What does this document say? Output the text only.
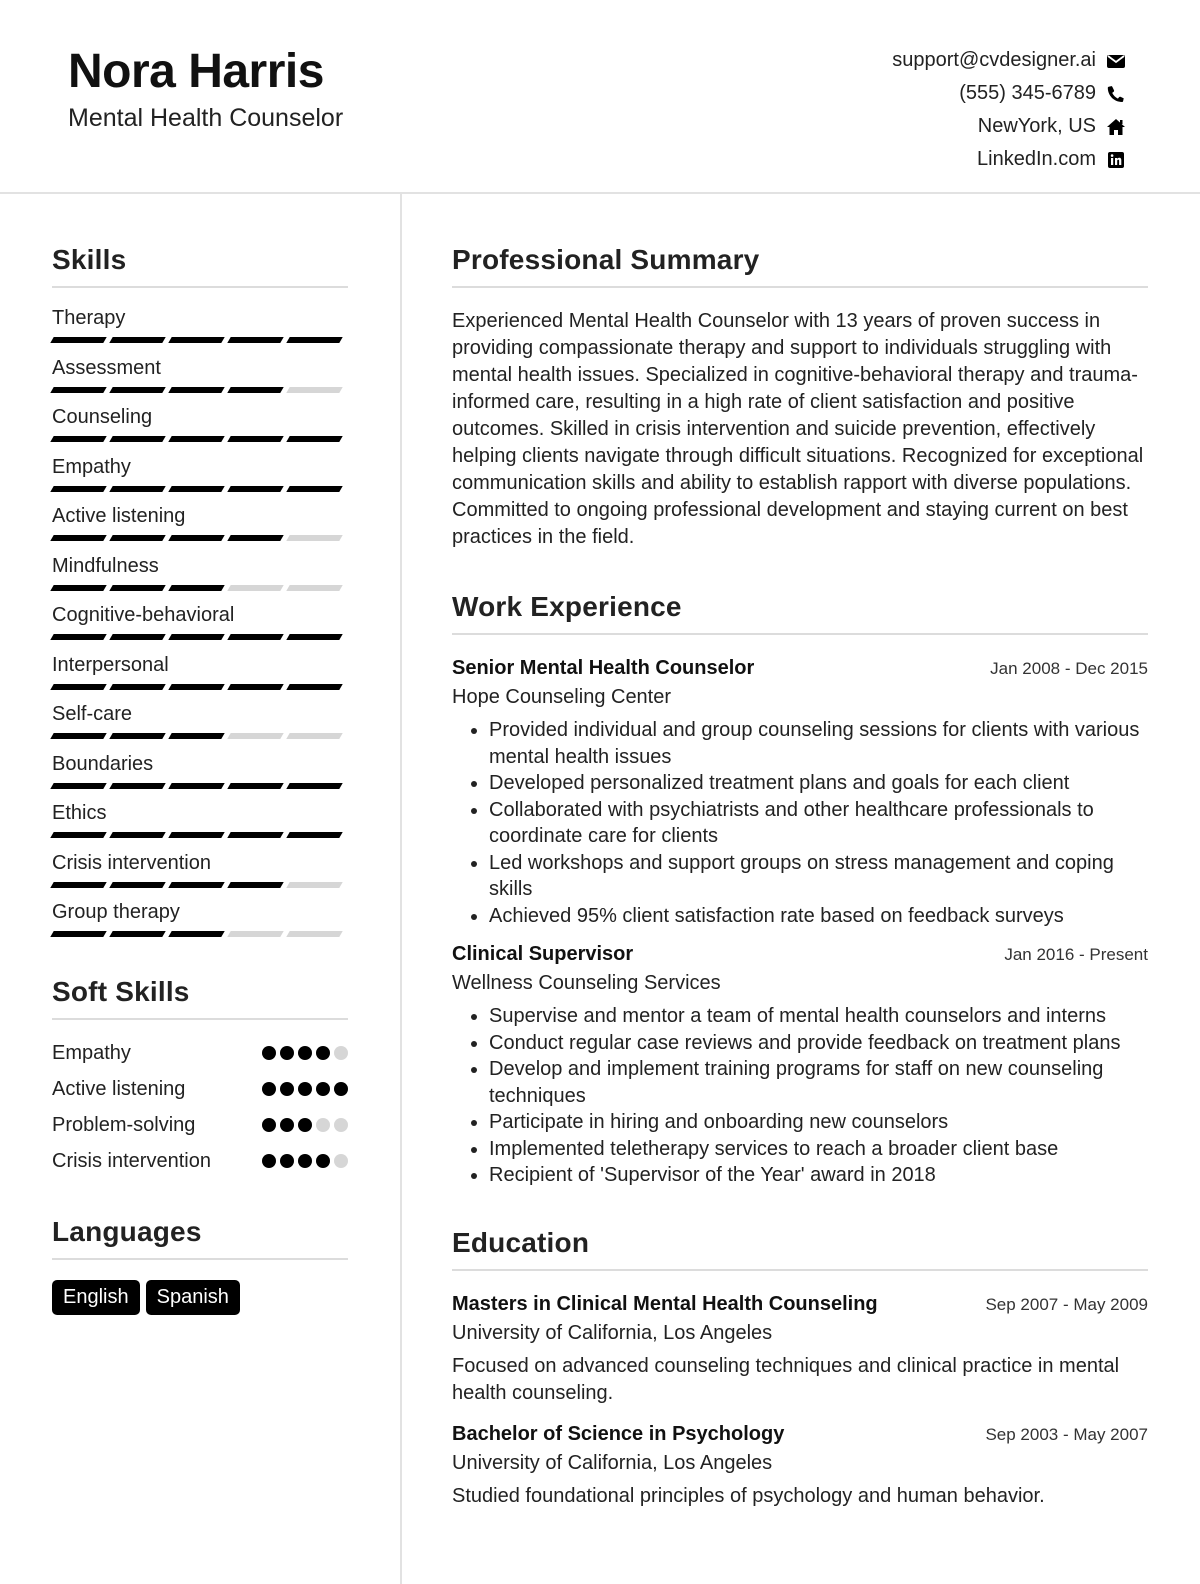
Nora Harris
Mental Health Counselor
support@cvdesigner.ai
(555) 345-6789
NewYork, US
LinkedIn.com
Skills
Therapy
Assessment
Counseling
Empathy
Active listening
Mindfulness
Cognitive-behavioral
Interpersonal
Self-care
Boundaries
Ethics
Crisis intervention
Group therapy
Soft Skills
Empathy
Active listening
Problem-solving
Crisis intervention
Languages
English	Spanish
Professional Summary
Experienced Mental Health Counselor with 13 years of proven success in providing compassionate therapy and support to individuals struggling with mental health issues. Specialized in cognitive-behavioral therapy and trauma-informed care, resulting in a high rate of client satisfaction and positive outcomes. Skilled in crisis intervention and suicide prevention, effectively helping clients navigate through difficult situations. Recognized for exceptional communication skills and ability to establish rapport with diverse populations. Committed to ongoing professional development and staying current on best practices in the field.
Work Experience
Senior Mental Health Counselor	Jan 2008 - Dec 2015
Hope Counseling Center
• Provided individual and group counseling sessions for clients with various mental health issues
• Developed personalized treatment plans and goals for each client
• Collaborated with psychiatrists and other healthcare professionals to coordinate care for clients
• Led workshops and support groups on stress management and coping skills
• Achieved 95% client satisfaction rate based on feedback surveys
Clinical Supervisor	Jan 2016 - Present
Wellness Counseling Services
• Supervise and mentor a team of mental health counselors and interns
• Conduct regular case reviews and provide feedback on treatment plans
• Develop and implement training programs for staff on new counseling techniques
• Participate in hiring and onboarding new counselors
• Implemented teletherapy services to reach a broader client base
• Recipient of 'Supervisor of the Year' award in 2018
Education
Masters in Clinical Mental Health Counseling	Sep 2007 - May 2009
University of California, Los Angeles
Focused on advanced counseling techniques and clinical practice in mental health counseling.
Bachelor of Science in Psychology	Sep 2003 - May 2007
University of California, Los Angeles
Studied foundational principles of psychology and human behavior.
